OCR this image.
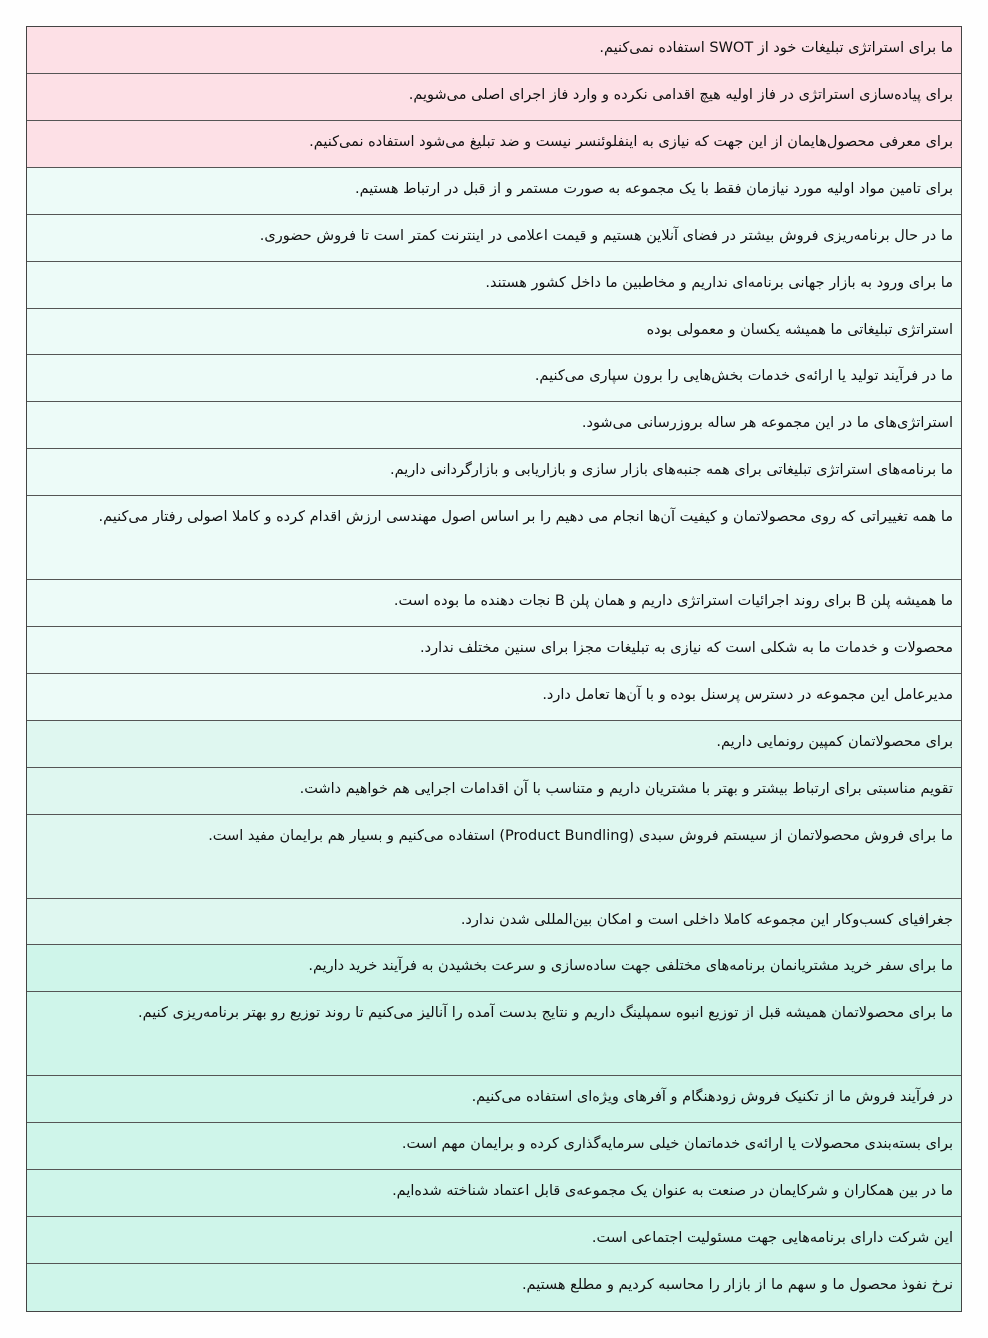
ما برای استراتژی تبلیغات خود از SWOT استفاده نمی‌کنیم.
برای پیاده‌سازی استراتژی در فاز اولیه هیچ اقدامی نکرده و وارد فاز اجرای اصلی می‌شویم.
برای معرفی محصول‌هایمان از این جهت که نیازی به اینفلوئنسر نیست و ضد تبلیغ می‌شود استفاده نمی‌کنیم.
برای تامین مواد اولیه مورد نیازمان فقط با یک مجموعه به صورت مستمر و از قبل در ارتباط هستیم.
ما در حال برنامه‌ریزی فروش بیشتر در فضای آنلاین هستیم و قیمت اعلامی در اینترنت کمتر است تا فروش حضوری.
ما برای ورود به بازار جهانی برنامه‌ای نداریم و مخاطبین ما داخل کشور هستند.
استراتژی تبلیغاتی ما همیشه یکسان و معمولی بوده
ما در فرآیند تولید یا ارائه‌ی خدمات بخش‌هایی را برون سپاری می‌کنیم.
استراتژی‌های ما در این مجموعه هر ساله بروزرسانی می‌شود.
ما برنامه‌های استراتژی تبلیغاتی برای همه جنبه‌های بازار سازی و بازاریابی و بازارگردانی داریم.
ما همه تغییراتی که روی محصولاتمان و کیفیت آن‌ها انجام می دهیم را بر اساس اصول مهندسی ارزش اقدام کرده و کاملا اصولی رفتار می‌کنیم.
ما همیشه پلن B برای روند اجرائیات استراتژی داریم و همان پلن B نجات دهنده ما بوده است.
محصولات و خدمات ما به شکلی است که نیازی به تبلیغات مجزا برای سنین مختلف ندارد.
مدیرعامل این مجموعه در دسترس پرسنل بوده و با آن‌ها تعامل دارد.
برای محصولاتمان کمپین رونمایی داریم.
تقویم مناسبتی برای ارتباط بیشتر و بهتر با مشتریان داریم و متناسب با آن اقدامات اجرایی هم خواهیم داشت.
ما برای فروش محصولاتمان از سیستم فروش سبدی (Product Bundling) استفاده می‌کنیم و بسیار هم برایمان مفید است.
جغرافیای کسب‌وکار این مجموعه کاملا داخلی است و امکان بین‌المللی شدن ندارد.
ما برای سفر خرید مشتریانمان برنامه‌های مختلفی جهت ساده‌سازی و سرعت بخشیدن به فرآیند خرید داریم.
ما برای محصولاتمان همیشه قبل از توزیع انبوه سمپلینگ داریم و نتایج بدست آمده را آنالیز می‌کنیم تا روند توزیع رو بهتر برنامه‌ریزی کنیم.
در فرآیند فروش ما از تکنیک فروش زودهنگام و آفرهای ویژه‌ای استفاده می‌کنیم.
برای بسته‌بندی محصولات یا ارائه‌ی خدماتمان خیلی سرمایه‌گذاری کرده و برایمان مهم است.
ما در بین همکاران و شرکایمان در صنعت به عنوان یک مجموعه‌ی قابل اعتماد شناخته شده‌ایم.
این شرکت دارای برنامه‌هایی جهت مسئولیت اجتماعی است.
نرخ نفوذ محصول ما و سهم ما از بازار را محاسبه کردیم و مطلع هستیم.
